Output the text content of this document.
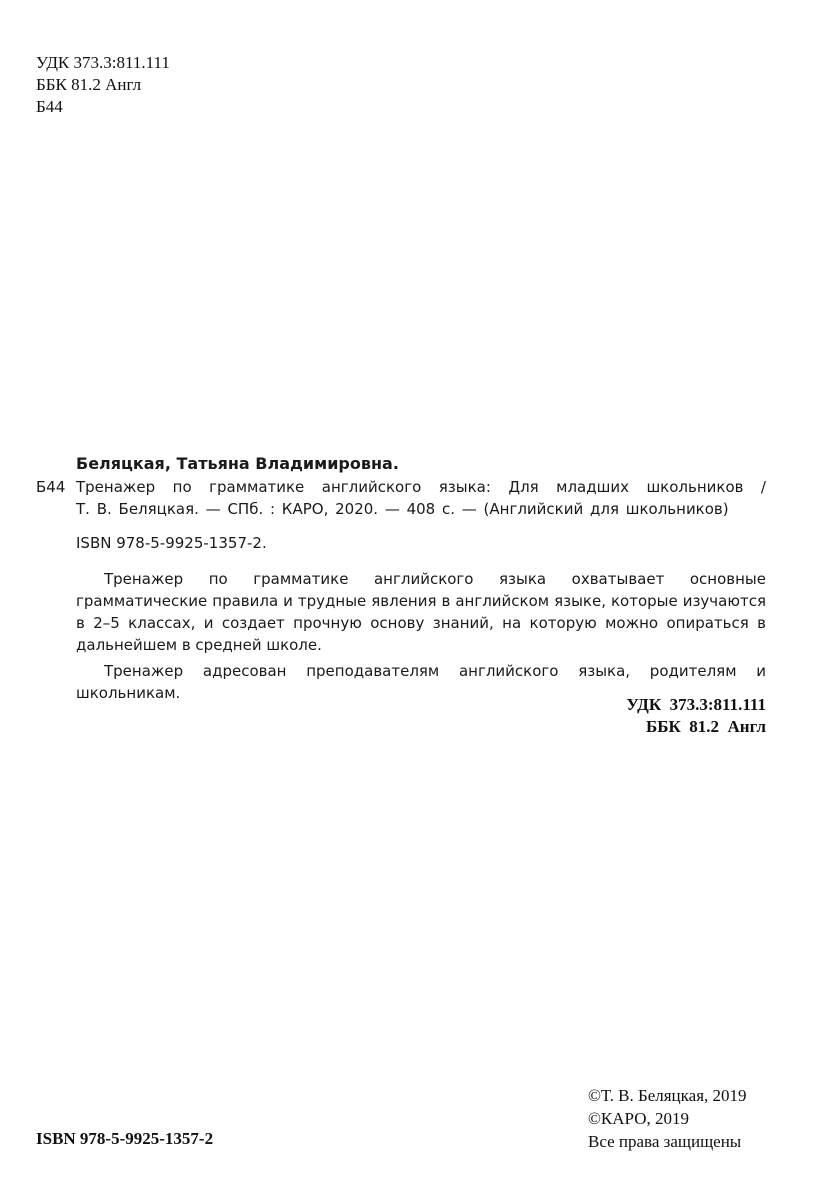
УДК 373.3:811.111
ББК 81.2 Англ
Б44
Беляцкая, Татьяна Владимировна.
Б44 Тренажер по грамматике английского языка: Для младших школьников /
Т. В. Беляцкая. — СПб. : КАРО, 2020. — 408 с. — (Английский для школьников)
ISBN 978-5-9925-1357-2.

Тренажер по грамматике английского языка охватывает основные грамматические правила и трудные явления в английском языке, которые изучаются в 2–5 классах, и создает прочную основу знаний, на которую можно опираться в дальнейшем в средней школе.

Тренажер адресован преподавателям английского языка, родителям и школьникам.

УДК  373.3:811.111
ББК  81.2  Англ
©Т. В. Беляцкая, 2019
©КАРО, 2019
Все права защищены
ISBN 978-5-9925-1357-2
